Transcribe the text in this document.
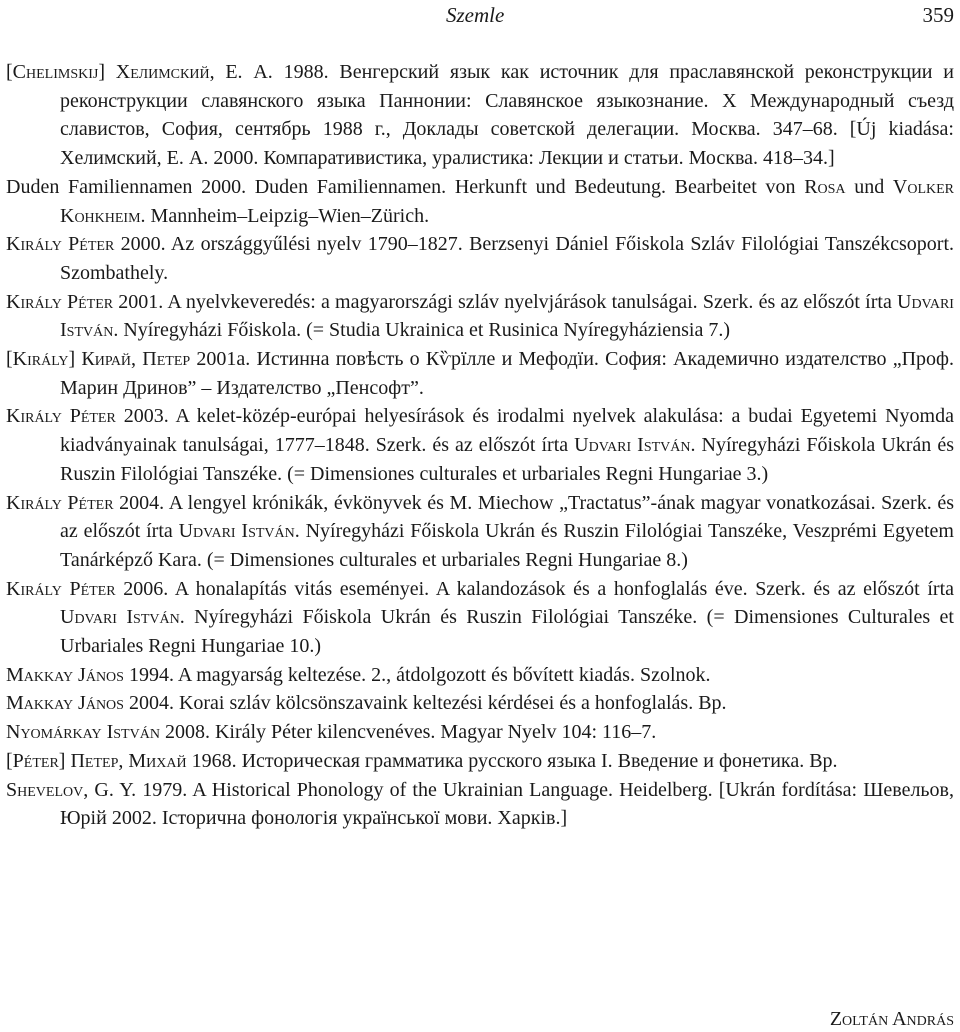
Szemle	359
[Chelimskij] Хелимский, Е. А. 1988. Венгерский язык как источник для праславянской реконструкции и реконструкции славянского языка Паннонии: Славянское языкознание. X Международный съезд славистов, София, сентябрь 1988 г., Доклады советской делегации. Москва. 347–68. [Új kiadása: Хелимский, Е. А. 2000. Компаративистика, уралистика: Лекции и статьи. Москва. 418–34.]
Duden Familiennamen 2000. Duden Familiennamen. Herkunft und Bedeutung. Bearbeitet von Rosa und Volker Kohkheim. Mannheim–Leipzig–Wien–Zürich.
Király Péter 2000. Az országgyűlési nyelv 1790–1827. Berzsenyi Dániel Főiskola Szláv Filológiai Tanszékcsoport. Szombathely.
Király Péter 2001. A nyelvkeveredés: a magyarországi szláv nyelvjárások tanulságai. Szerk. és az előszót írta Udvari István. Nyíregyházi Főiskola. (= Studia Ukrainica et Rusinica Nyíregyháziensia 7.)
[Király] Кирай, Петер 2001a. Истинна повѣсть о Кѷрїлле и Мефодїи. София: Академично издателство „Проф. Марин Дринов” – Издателство „Пенсофт”.
Király Péter 2003. A kelet-közép-európai helyesírások és irodalmi nyelvek alakulása: a budai Egyetemi Nyomda kiadványainak tanulságai, 1777–1848. Szerk. és az előszót írta Udvari István. Nyíregyházi Főiskola Ukrán és Ruszin Filológiai Tanszéke. (= Dimensiones culturales et urbariales Regni Hungariae 3.)
Király Péter 2004. A lengyel krónikák, évkönyvek és M. Miechow „Tractatus”-ának magyar vonatkozásai. Szerk. és az előszót írta Udvari István. Nyíregyházi Főiskola Ukrán és Ruszin Filológiai Tanszéke, Veszprémi Egyetem Tanárképző Kara. (= Dimensiones culturales et urbariales Regni Hungariae 8.)
Király Péter 2006. A honalapítás vitás eseményei. A kalandozások és a honfoglalás éve. Szerk. és az előszót írta Udvari István. Nyíregyházi Főiskola Ukrán és Ruszin Filológiai Tanszéke. (= Dimensiones Culturales et Urbariales Regni Hungariae 10.)
Makkay János 1994. A magyarság keltezése. 2., átdolgozott és bővített kiadás. Szolnok.
Makkay János 2004. Korai szláv kölcsönszavaink keltezési kérdései és a honfoglalás. Bp.
Nyomárkay István 2008. Király Péter kilencvenéves. Magyar Nyelv 104: 116–7.
[Péter] Петер, Михай 1968. Историческая грамматика русского языка I. Введение и фонетика. Вр.
Shevelov, G. Y. 1979. A Historical Phonology of the Ukrainian Language. Heidelberg. [Ukrán fordítása: Шевельов, Юрій 2002. Історична фонологія української мови. Харків.]
Zoltán András
